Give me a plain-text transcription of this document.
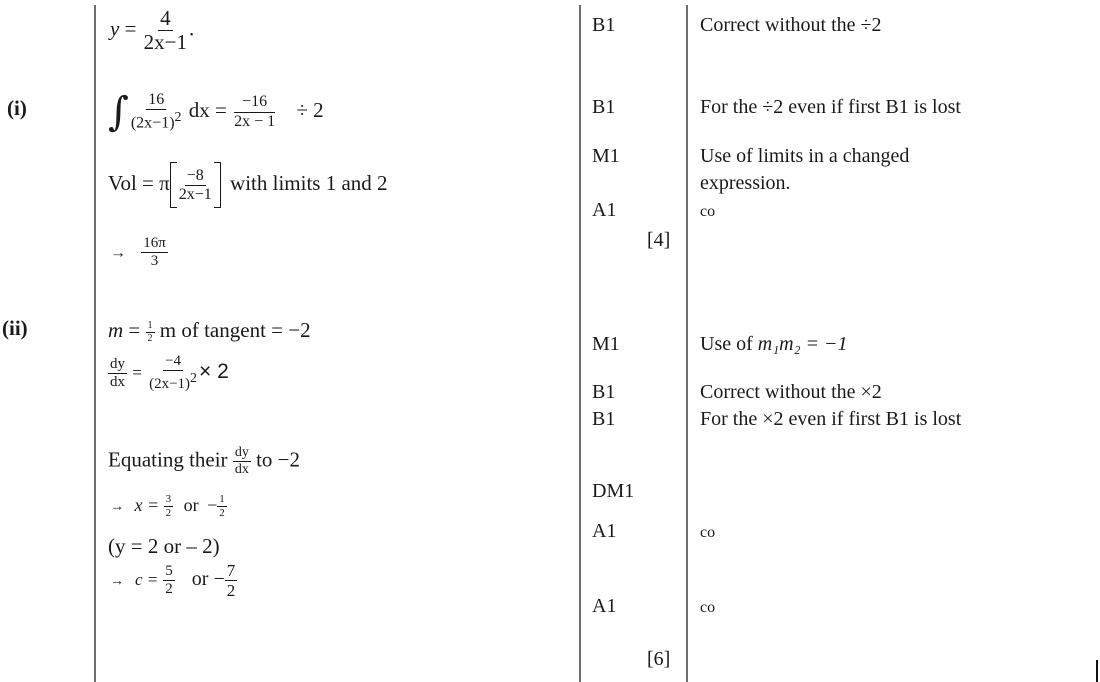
(i)
(ii)
$y = \frac{4}{2x-1}$ .
∫ $\frac{16}{(2x-1)^2}$ dx = $\frac{-16}{2x - 1} \div 2$
Vol = π $\frac{-8}{2x-1}$ with limits 1 and 2
→ $\frac{16\pi}{3}$
$m = \frac{1}{2}$ m of tangent = −2
$\frac{dy}{dx} = \frac{-4}{(2x-1)^2} \times 2$
Equating their $\frac{dy}{dx}$ to −2
→ $x = \frac{3}{2}$ or − $\frac{1}{2}$
(y = 2 or – 2)
→ $c = \frac{5}{2}$ or − $\frac{7}{2}$
B1
B1
M1
A1
[4]
M1
B1
B1
DM1
A1
A1
[6]
Correct without the ÷2
For the ÷2 even if first B1 is lost
Use of limits in a changed
expression.
co
Use of m₁m₂ = −1
Correct without the ×2
For the ×2 even if first B1 is lost
co
co
